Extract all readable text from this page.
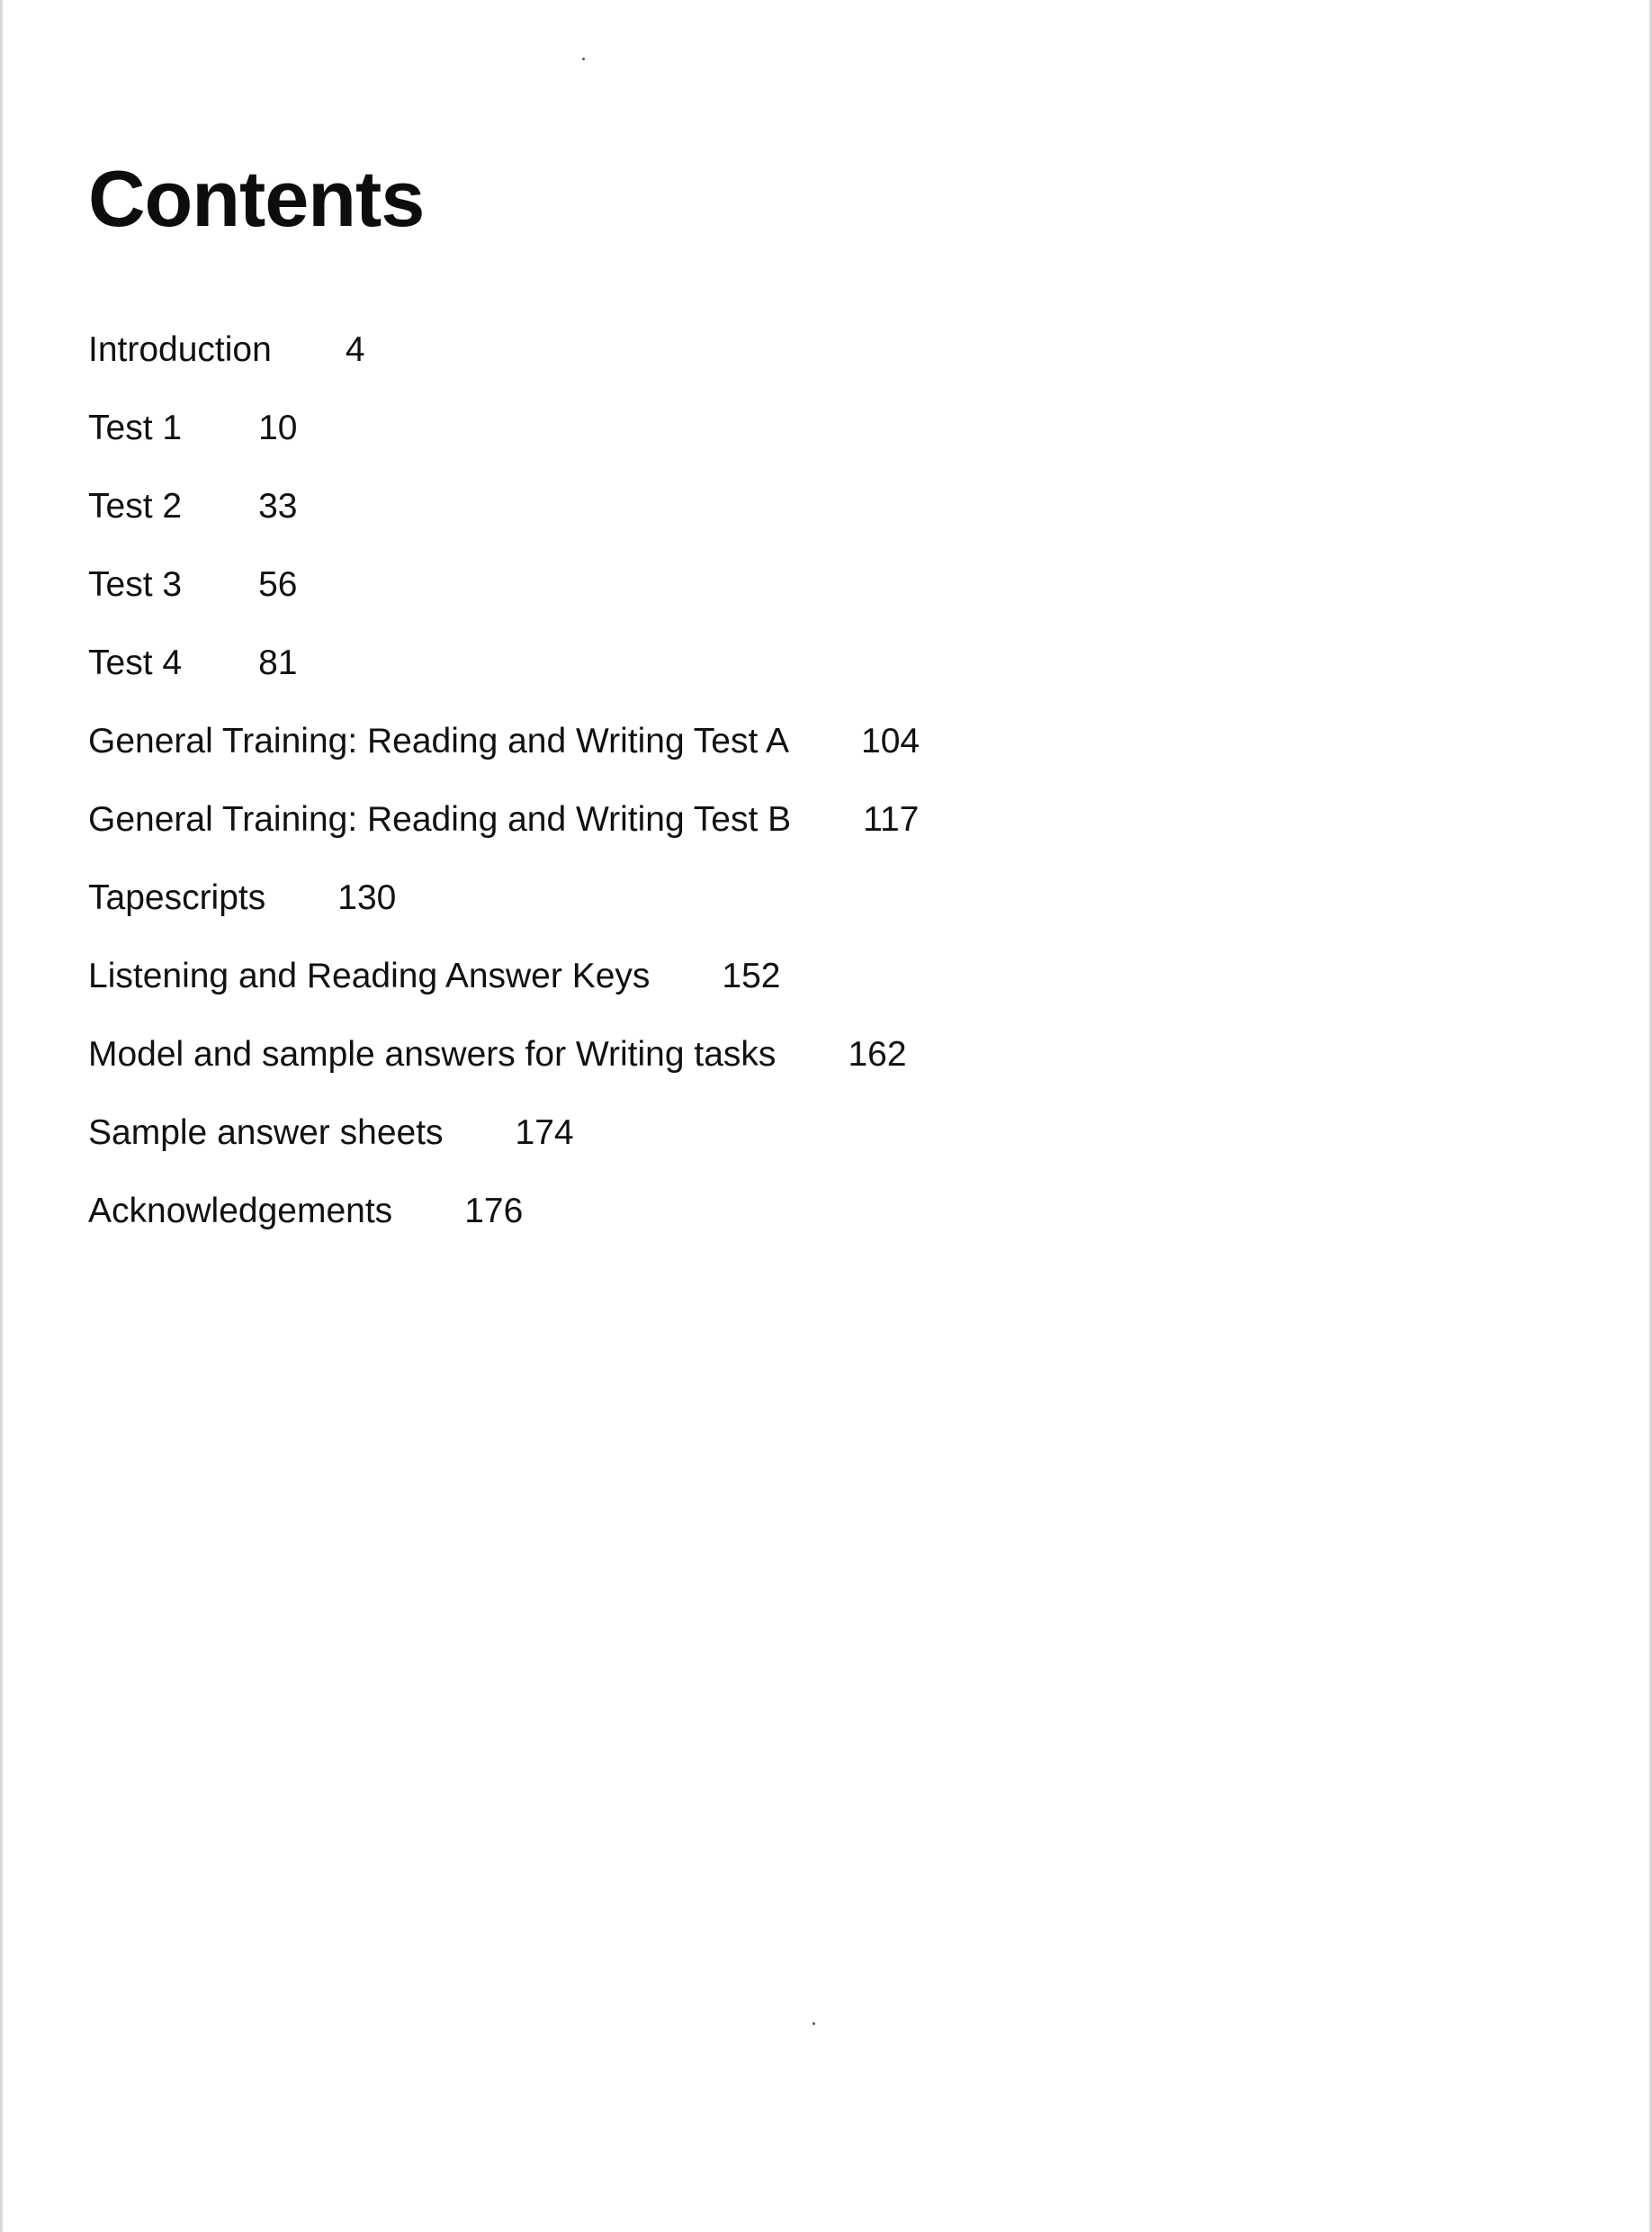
Contents
Introduction 4
Test 1 10
Test 2 33
Test 3 56
Test 4 81
General Training: Reading and Writing Test A 104
General Training: Reading and Writing Test B 117
Tapescripts 130
Listening and Reading Answer Keys 152
Model and sample answers for Writing tasks 162
Sample answer sheets 174
Acknowledgements 176
